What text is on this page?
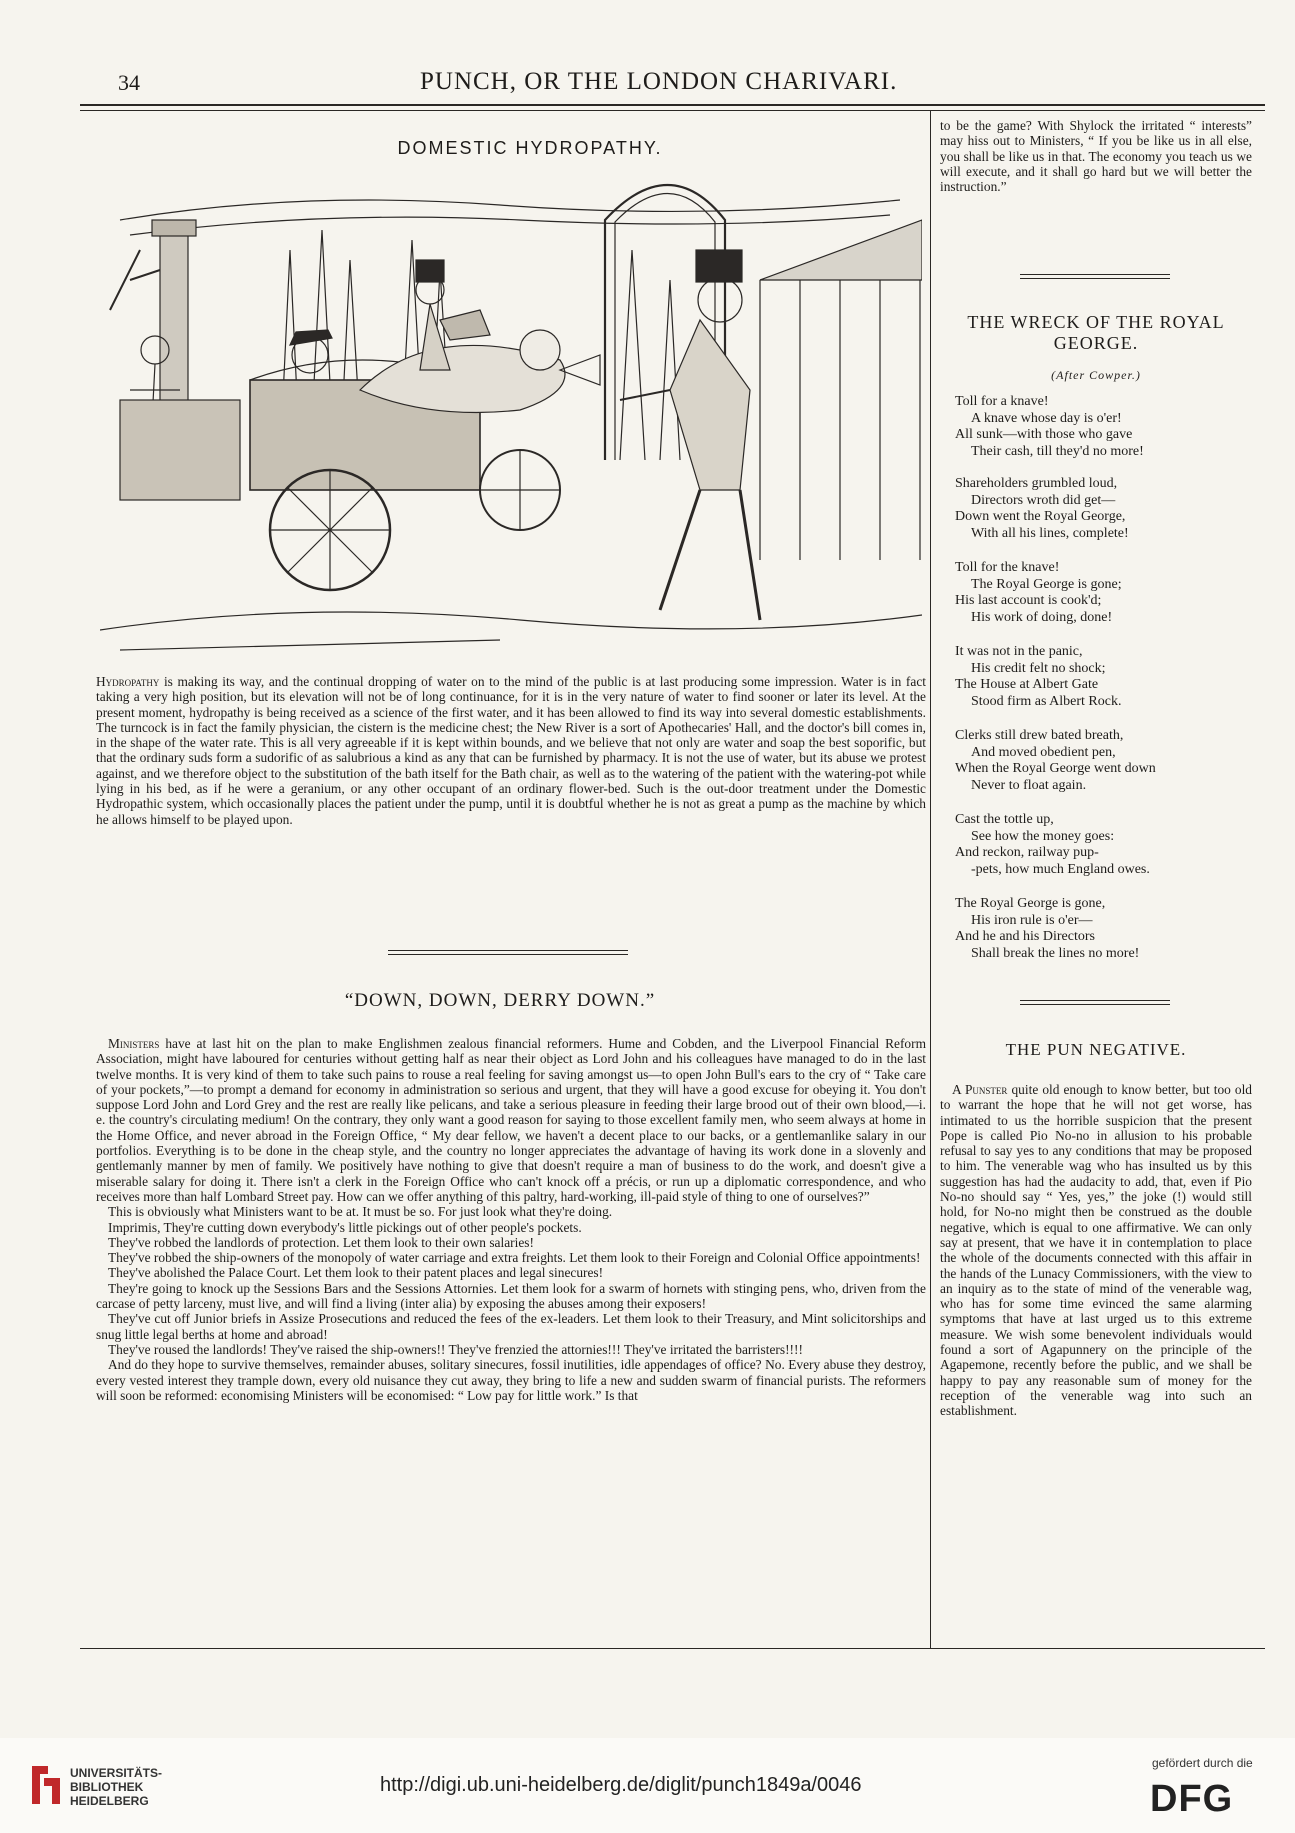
34	PUNCH, OR THE LONDON CHARIVARI.
DOMESTIC HYDROPATHY.

Hydropathy is making its way, and the continual dropping of water on to the mind of the public is at last producing some impression. Water is in fact taking a very high position, but its elevation will not be of long continuance, for it is in the very nature of water to find sooner or later its level. At the present moment, hydropathy is being received as a science of the first water, and it has been allowed to find its way into several domestic establishments. The turncock is in fact the family physician, the cistern is the medicine chest; the New River is a sort of Apothecaries' Hall, and the doctor's bill comes in, in the shape of the water rate. This is all very agreeable if it is kept within bounds, and we believe that not only are water and soap the best soporific, but that the ordinary suds form a sudorific of as salubrious a kind as any that can be furnished by pharmacy. It is not the use of water, but its abuse we protest against, and we therefore object to the substitution of the bath itself for the Bath chair, as well as to the watering of the patient with the watering-pot while lying in his bed, as if he were a geranium, or any other occupant of an ordinary flower-bed. Such is the out-door treatment under the Domestic Hydropathic system, which occasionally places the patient under the pump, until it is doubtful whether he is not as great a pump as the machine by which he allows himself to be played upon.

“DOWN, DOWN, DERRY DOWN.”

Ministers have at last hit on the plan to make Englishmen zealous financial reformers. Hume and Cobden, and the Liverpool Financial Reform Association, might have laboured for centuries without getting half as near their object as Lord John and his colleagues have managed to do in the last twelve months. It is very kind of them to take such pains to rouse a real feeling for saving amongst us—to open John Bull's ears to the cry of “ Take care of your pockets,”—to prompt a demand for economy in administration so serious and urgent, that they will have a good excuse for obeying it. You don't suppose Lord John and Lord Grey and the rest are really like pelicans, and take a serious pleasure in feeding their large brood out of their own blood,—i. e. the country's circulating medium! On the contrary, they only want a good reason for saying to those excellent family men, who seem always at home in the Home Office, and never abroad in the Foreign Office, “ My dear fellow, we haven't a decent place to our backs, or a gentlemanlike salary in our portfolios. Everything is to be done in the cheap style, and the country no longer appreciates the advantage of having its work done in a slovenly and gentlemanly manner by men of family. We positively have nothing to give that doesn't require a man of business to do the work, and doesn't give a miserable salary for doing it. There isn't a clerk in the Foreign Office who can't knock off a précis, or run up a diplomatic correspondence, and who receives more than half Lombard Street pay. How can we offer anything of this paltry, hard-working, ill-paid style of thing to one of ourselves?”

This is obviously what Ministers want to be at. It must be so. For just look what they're doing.

Imprimis, They're cutting down everybody's little pickings out of other people's pockets.

They've robbed the landlords of protection. Let them look to their own salaries!

They've robbed the ship-owners of the monopoly of water carriage and extra freights. Let them look to their Foreign and Colonial Office appointments!

They've abolished the Palace Court. Let them look to their patent places and legal sinecures!

They're going to knock up the Sessions Bars and the Sessions Attornies. Let them look for a swarm of hornets with stinging pens, who, driven from the carcase of petty larceny, must live, and will find a living (inter alia) by exposing the abuses among their exposers!

They've cut off Junior briefs in Assize Prosecutions and reduced the fees of the ex-leaders. Let them look to their Treasury, and Mint solicitorships and snug little legal berths at home and abroad!

They've roused the landlords! They've raised the ship-owners!! They've frenzied the attornies!!! They've irritated the barristers!!!!

And do they hope to survive themselves, remainder abuses, solitary sinecures, fossil inutilities, idle appendages of office? No. Every abuse they destroy, every vested interest they trample down, every old nuisance they cut away, they bring to life a new and sudden swarm of financial purists. The reformers will soon be reformed: economising Ministers will be economised: “ Low pay for little work.” Is that

to be the game? With Shylock the irritated “ interests” may hiss out to Ministers, “ If you be like us in all else, you shall be like us in that. The economy you teach us we will execute, and it shall go hard but we will better the instruction.”

THE WRECK OF THE ROYAL GEORGE.
(After Cowper.)
Toll for a knave!
A knave whose day is o'er!
All sunk—with those who gave
Their cash, till they'd no more!
Shareholders grumbled loud,
Directors wroth did get—
Down went the Royal George,
With all his lines, complete!
Toll for the knave!
The Royal George is gone;
His last account is cook'd;
His work of doing, done!
It was not in the panic,
His credit felt no shock;
The House at Albert Gate
Stood firm as Albert Rock.
Clerks still drew bated breath,
And moved obedient pen,
When the Royal George went down
Never to float again.
Cast the tottle up,
See how the money goes:
And reckon, railway pup-
-pets, how much England owes.
The Royal George is gone,
His iron rule is o'er—
And he and his Directors
Shall break the lines no more!
THE PUN NEGATIVE.

A Punster quite old enough to know better, but too old to warrant the hope that he will not get worse, has intimated to us the horrible suspicion that the present Pope is called Pio No-no in allusion to his probable refusal to say yes to any conditions that may be proposed to him. The venerable wag who has insulted us by this suggestion has had the audacity to add, that, even if Pio No-no should say “ Yes, yes,” the joke (!) would still hold, for No-no might then be construed as the double negative, which is equal to one affirmative. We can only say at present, that we have it in contemplation to place the whole of the documents connected with this affair in the hands of the Lunacy Commissioners, with the view to an inquiry as to the state of mind of the venerable wag, who has for some time evinced the same alarming symptoms that have at last urged us to this extreme measure. We wish some benevolent individuals would found a sort of Agapunnery on the principle of the Agapemone, recently before the public, and we shall be happy to pay any reasonable sum of money for the reception of the venerable wag into such an establishment.

UNIVERSITÄTS-
BIBLIOTHEK
HEIDELBERG
http://digi.ub.uni-heidelberg.de/diglit/punch1849a/0046
gefördert durch die
DFG
